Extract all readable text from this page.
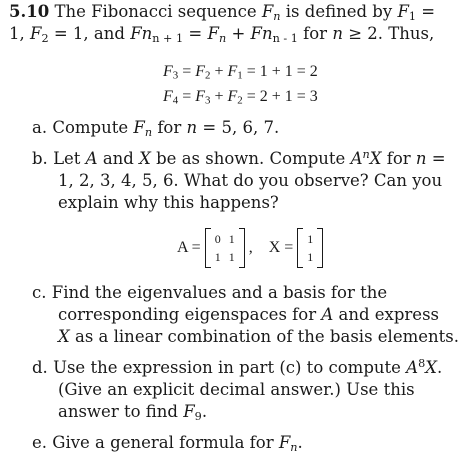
5.10 The Fibonacci sequence $F_n$ is defined by $F_1$ =
1, $F_2 = 1$, and $Fn_{n + 1} = F_n + Fn_{n - 1}$ for n ≥ 2. Thus,
$F_3 = F_2 + F_1 = 1 + 1 = 2$
$F_4 = F_3 + F_2 = 2 + 1 = 3$
a. Compute $F_n$ for n = 5, 6, 7.
b. Let A and X be as shown. Compute $A^nX$ for n =
1, 2, 3, 4, 5, 6. What do you observe? Can you
explain why this happens?
A = 0 1
1 1
, X = 1
1
c. Find the eigenvalues and a basis for the
corresponding eigenspaces for A and express
X as a linear combination of the basis elements.
d. Use the expression in part (c) to compute $A^8X$.
(Give an explicit decimal answer.) Use this
answer to find $F_9$.
e. Give a general formula for $F_n$.
